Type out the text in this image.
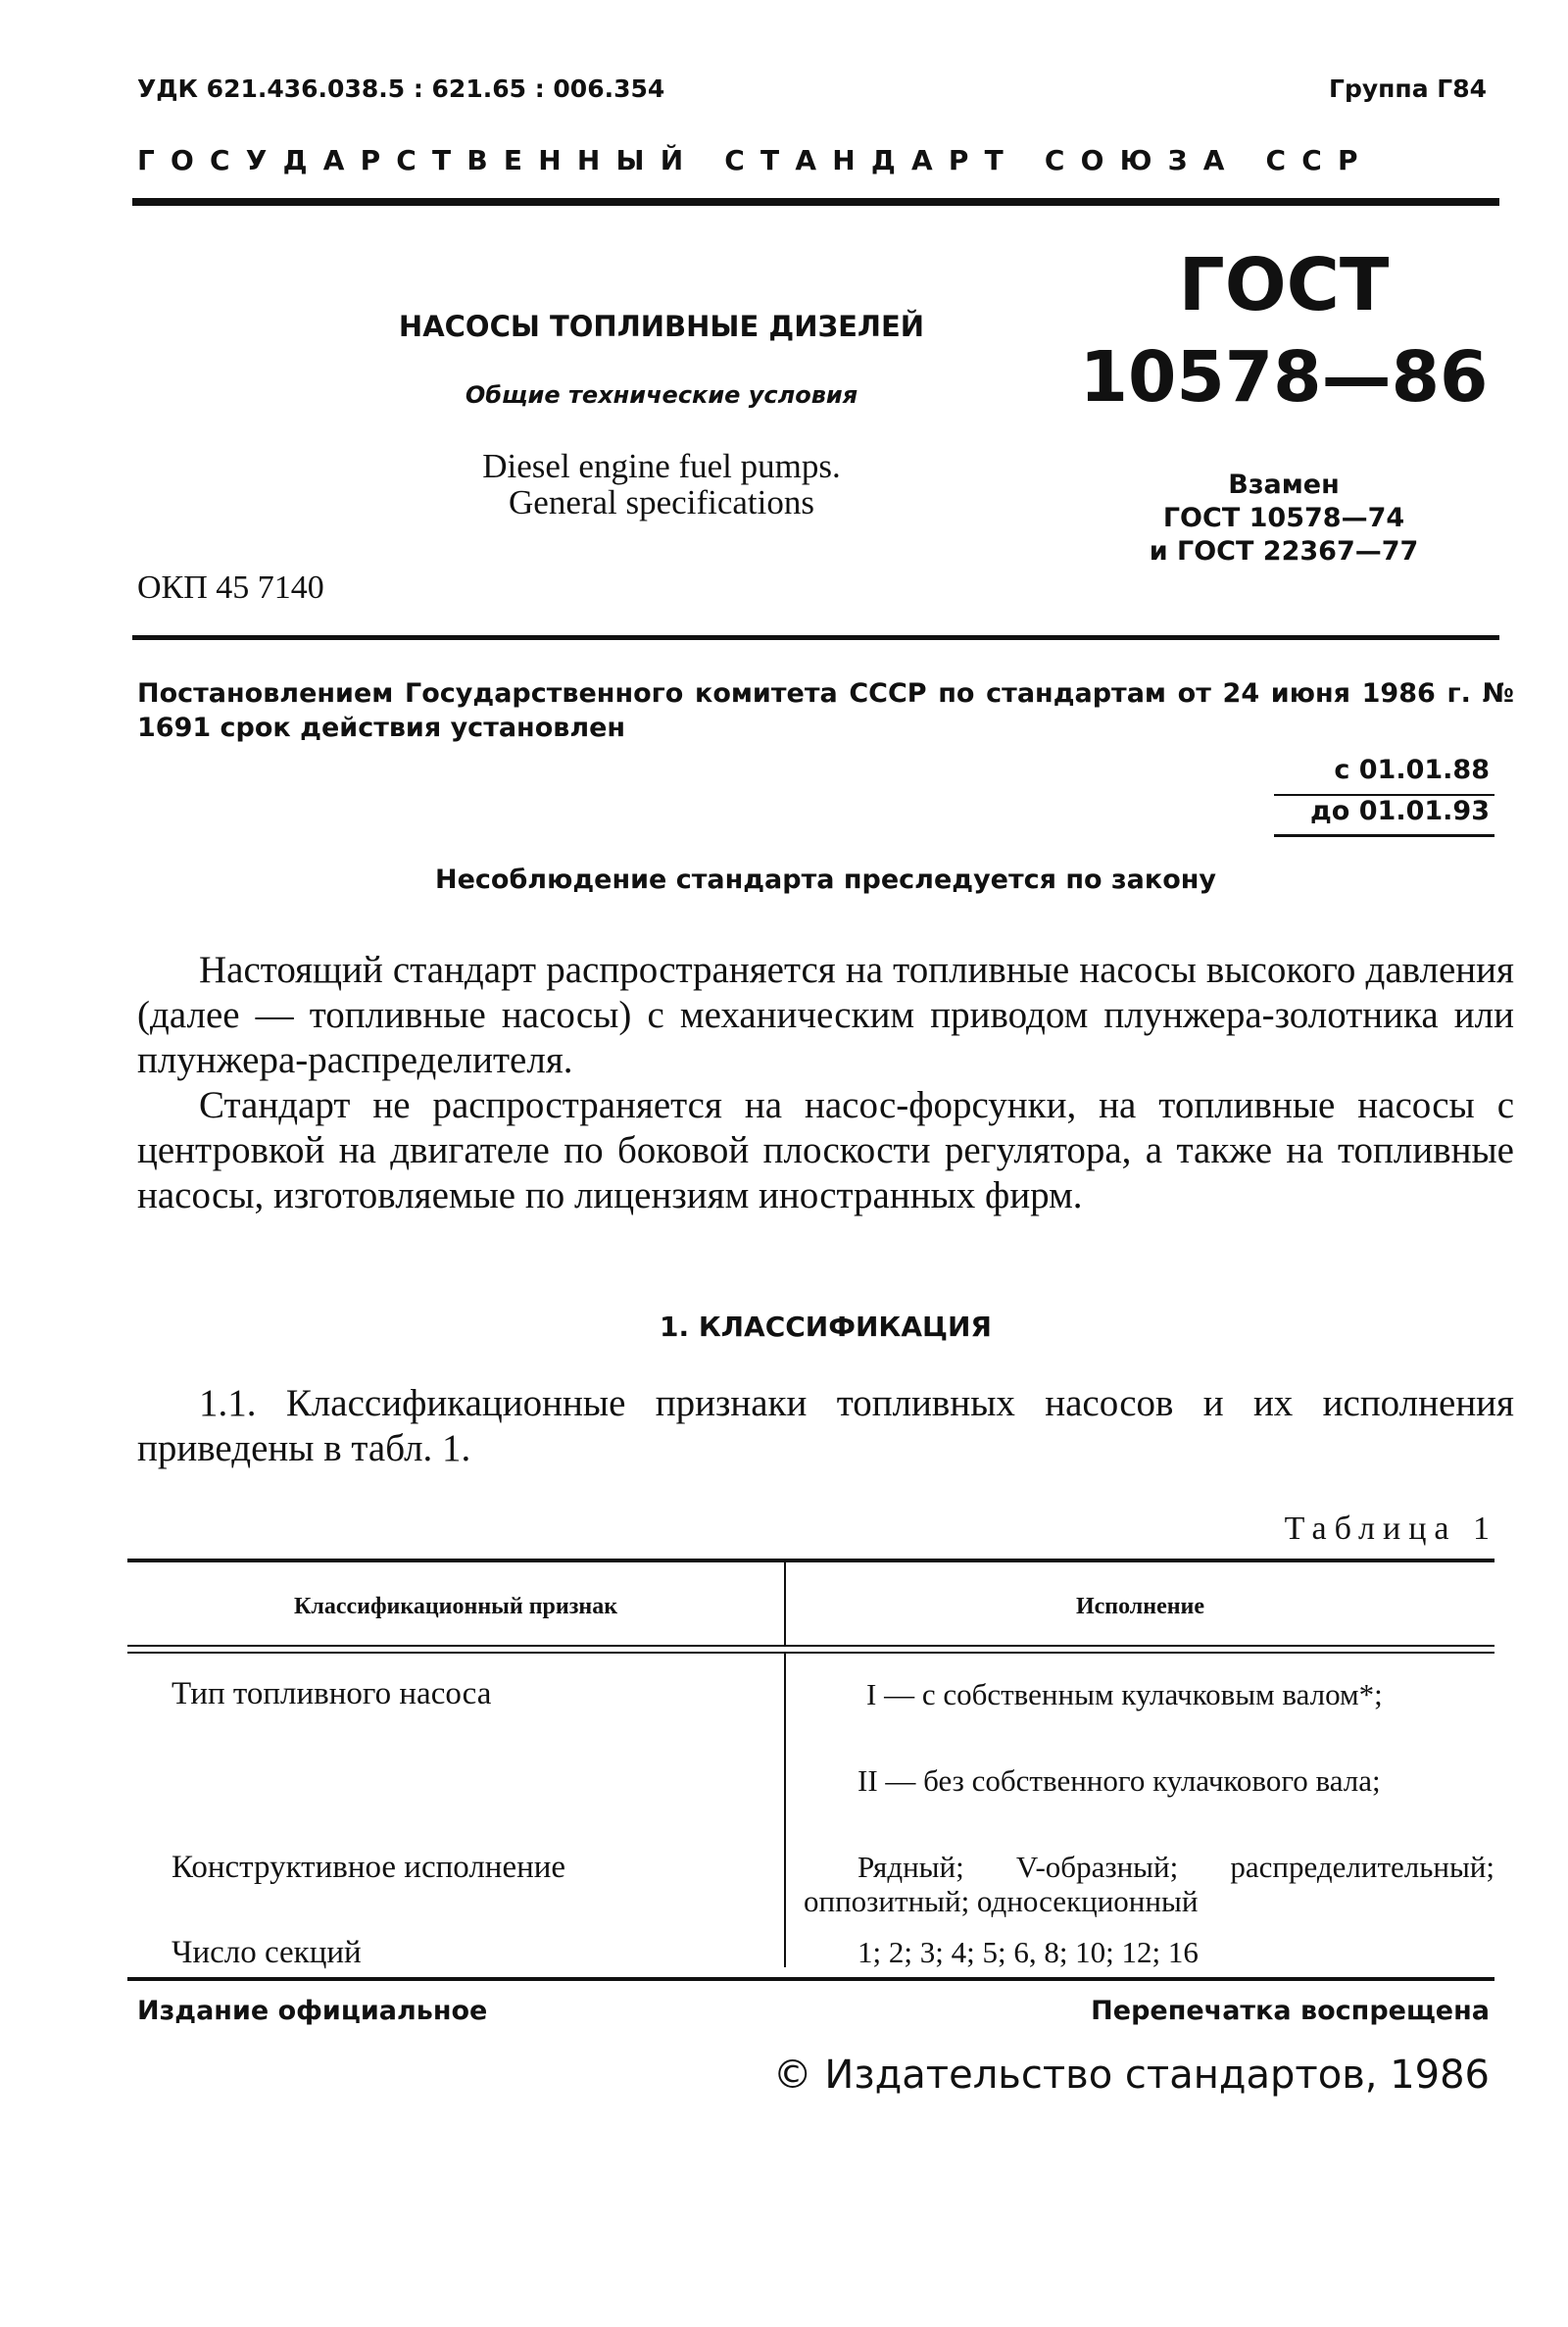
УДК 621.436.038.5 : 621.65 : 006.354	Группа Г84
ГОСУДАРСТВЕННЫЙ СТАНДАРТ СОЮЗА ССР
НАСОСЫ ТОПЛИВНЫЕ ДИЗЕЛЕЙ
Общие технические условия
Diesel engine fuel pumps.
General specifications
ОКП 45 7140
ГОСТ
10578—86
Взамен
ГОСТ 10578—74
и ГОСТ 22367—77
Постановлением Государственного комитета СССР по стандартам от 24 июня 1986 г. № 1691 срок действия установлен
с 01.01.88
до 01.01.93
Несоблюдение стандарта преследуется по закону
Настоящий стандарт распространяется на топливные насосы высокого давления (далее — топливные насосы) с механическим приводом плунжера-золотника или плунжера-распределителя.
Стандарт не распространяется на насос-форсунки, на топливные насосы с центровкой на двигателе по боковой плоскости регулятора, а также на топливные насосы, изготовляемые по лицензиям иностранных фирм.
1. КЛАССИФИКАЦИЯ
1.1. Классификационные признаки топливных насосов и их исполнения приведены в табл. 1.
Таблица 1
Классификационный признак	Исполнение
Тип топливного насоса	I — с собственным кулачковым валом*;
II — без собственного кулачкового вала;
Конструктивное исполнение	Рядный; V-образный; распределительный; оппозитный; односекционный
Число секций	1; 2; 3; 4; 5; 6, 8; 10; 12; 16
Издание официальное	Перепечатка воспрещена
© Издательство стандартов, 1986
